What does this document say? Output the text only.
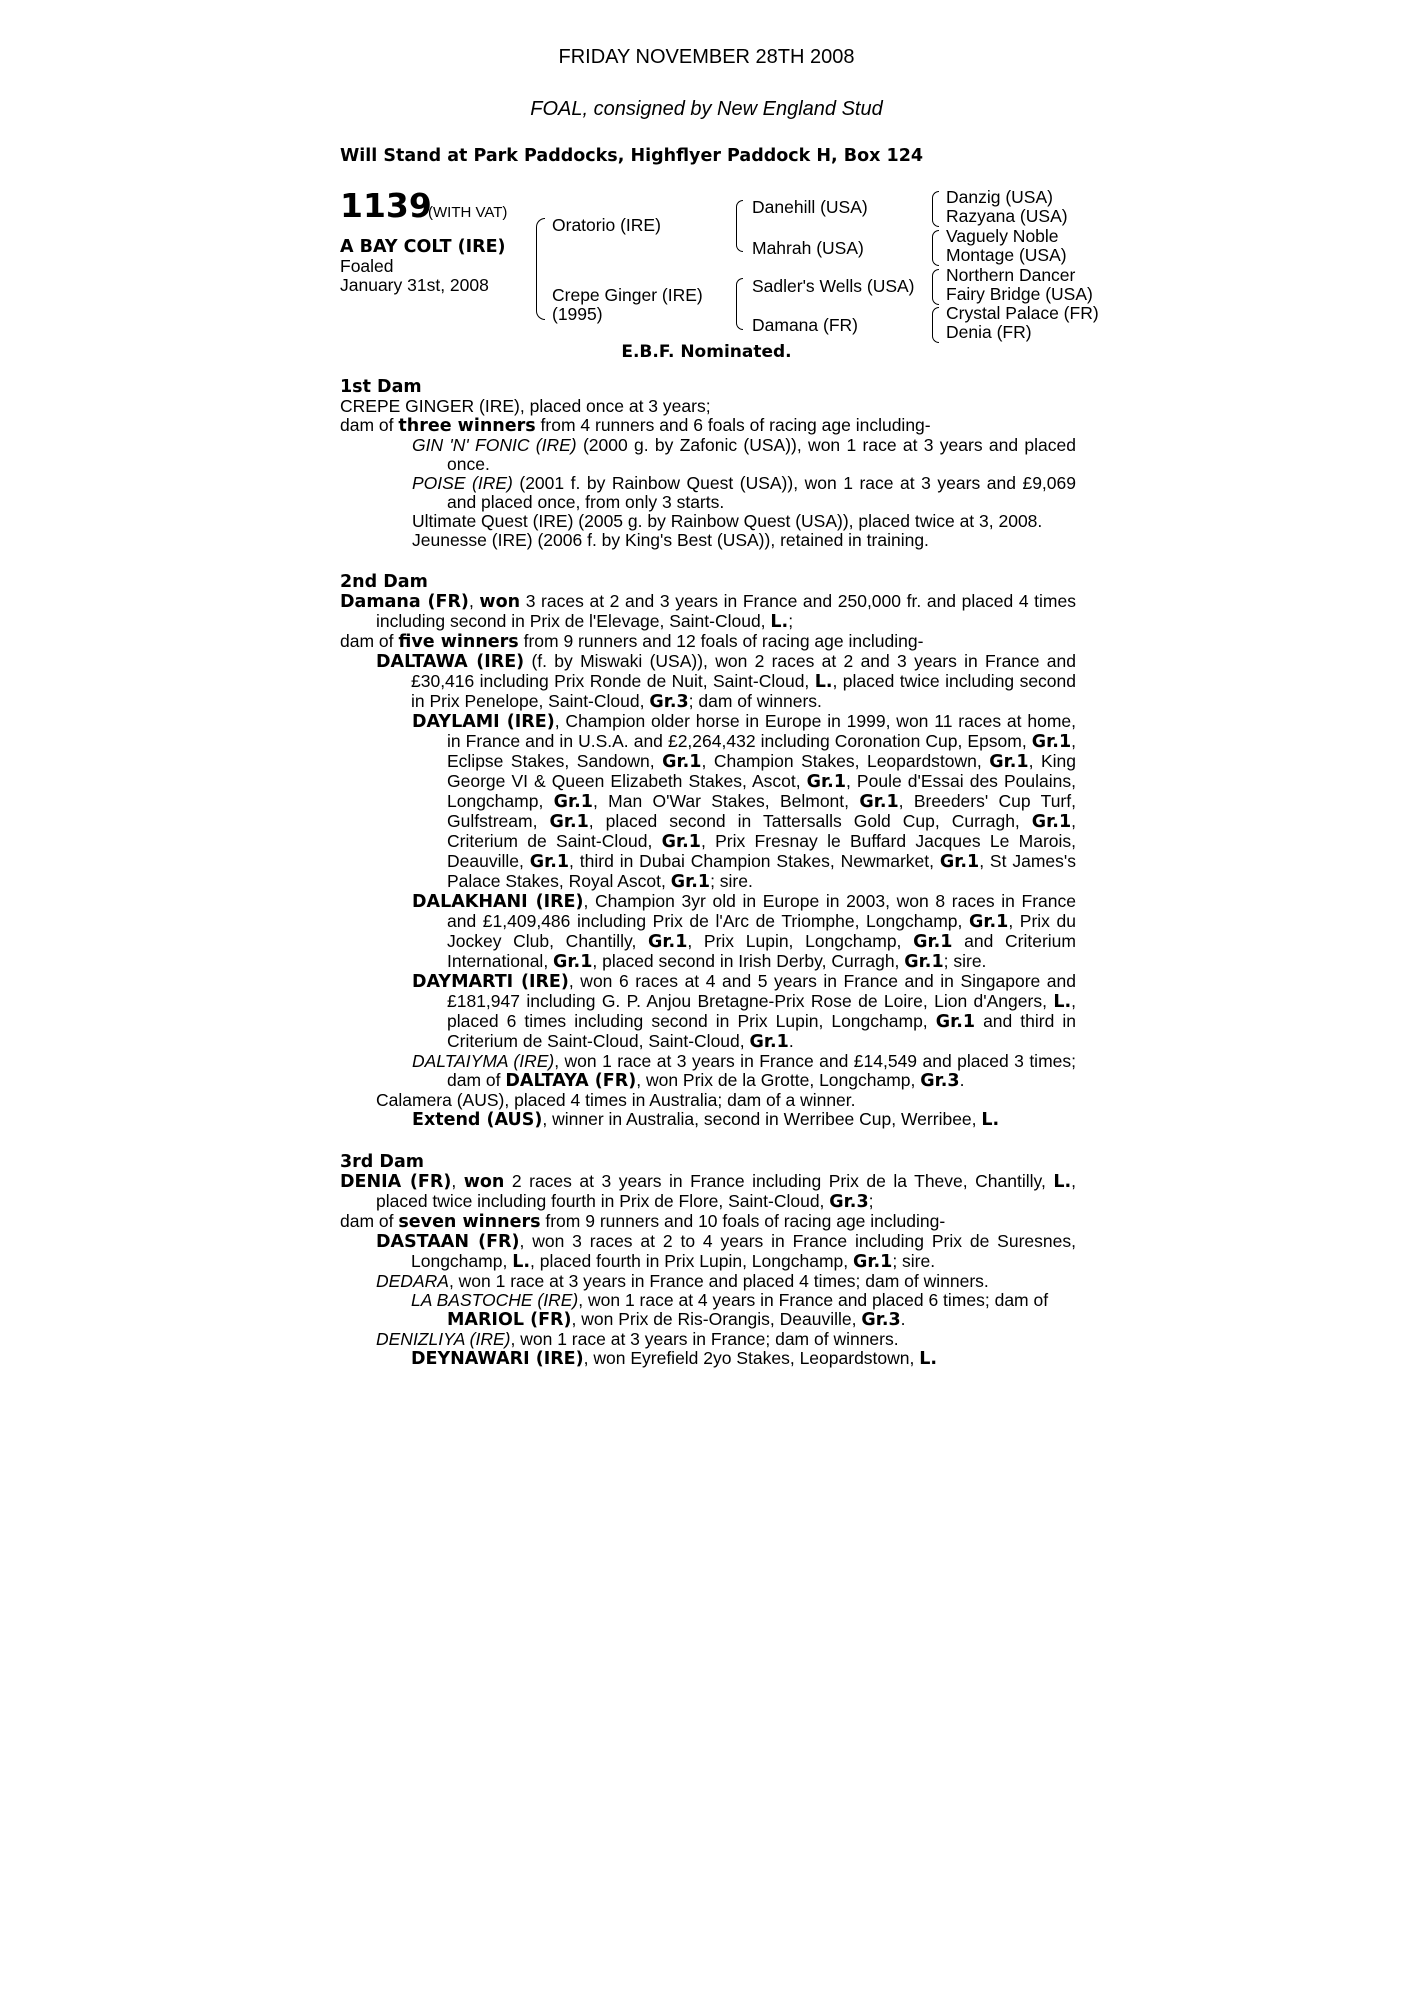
FRIDAY NOVEMBER 28TH 2008
FOAL, consigned by New England Stud
Will Stand at Park Paddocks, Highflyer Paddock H, Box 124
1139
(WITH VAT)
A BAY COLT (IRE)
Foaled
January 31st, 2008
Oratorio (IRE)
Crepe Ginger (IRE)
(1995)
Danehill (USA)
Mahrah (USA)
Sadler's Wells (USA)
Damana (FR)
Danzig (USA)
Razyana (USA)
Vaguely Noble
Montage (USA)
Northern Dancer
Fairy Bridge (USA)
Crystal Palace (FR)
Denia (FR)
E.B.F. Nominated.
1st Dam
CREPE GINGER (IRE), placed once at 3 years;
dam of three winners from 4 runners and 6 foals of racing age including-
GIN 'N' FONIC (IRE) (2000 g. by Zafonic (USA)), won 1 race at 3 years and placed once.
POISE (IRE) (2001 f. by Rainbow Quest (USA)), won 1 race at 3 years and £9,069 and placed once, from only 3 starts.
Ultimate Quest (IRE) (2005 g. by Rainbow Quest (USA)), placed twice at 3, 2008.
Jeunesse (IRE) (2006 f. by King's Best (USA)), retained in training.
2nd Dam
Damana (FR), won 3 races at 2 and 3 years in France and 250,000 fr. and placed 4 times including second in Prix de l'Elevage, Saint-Cloud, L.;
dam of five winners from 9 runners and 12 foals of racing age including-
DALTAWA (IRE) (f. by Miswaki (USA)), won 2 races at 2 and 3 years in France and £30,416 including Prix Ronde de Nuit, Saint-Cloud, L., placed twice including second in Prix Penelope, Saint-Cloud, Gr.3; dam of winners.
DAYLAMI (IRE), Champion older horse in Europe in 1999, won 11 races at home, in France and in U.S.A. and £2,264,432 including Coronation Cup, Epsom, Gr.1, Eclipse Stakes, Sandown, Gr.1, Champion Stakes, Leopardstown, Gr.1, King George VI & Queen Elizabeth Stakes, Ascot, Gr.1, Poule d'Essai des Poulains, Longchamp, Gr.1, Man O'War Stakes, Belmont, Gr.1, Breeders' Cup Turf, Gulfstream, Gr.1, placed second in Tattersalls Gold Cup, Curragh, Gr.1, Criterium de Saint-Cloud, Gr.1, Prix Fresnay le Buffard Jacques Le Marois, Deauville, Gr.1, third in Dubai Champion Stakes, Newmarket, Gr.1, St James's Palace Stakes, Royal Ascot, Gr.1; sire.
DALAKHANI (IRE), Champion 3yr old in Europe in 2003, won 8 races in France and £1,409,486 including Prix de l'Arc de Triomphe, Longchamp, Gr.1, Prix du Jockey Club, Chantilly, Gr.1, Prix Lupin, Longchamp, Gr.1 and Criterium International, Gr.1, placed second in Irish Derby, Curragh, Gr.1; sire.
DAYMARTI (IRE), won 6 races at 4 and 5 years in France and in Singapore and £181,947 including G. P. Anjou Bretagne-Prix Rose de Loire, Lion d'Angers, L., placed 6 times including second in Prix Lupin, Longchamp, Gr.1 and third in Criterium de Saint-Cloud, Saint-Cloud, Gr.1.
DALTAIYMA (IRE), won 1 race at 3 years in France and £14,549 and placed 3 times; dam of DALTAYA (FR), won Prix de la Grotte, Longchamp, Gr.3.
Calamera (AUS), placed 4 times in Australia; dam of a winner.
Extend (AUS), winner in Australia, second in Werribee Cup, Werribee, L.
3rd Dam
DENIA (FR), won 2 races at 3 years in France including Prix de la Theve, Chantilly, L., placed twice including fourth in Prix de Flore, Saint-Cloud, Gr.3;
dam of seven winners from 9 runners and 10 foals of racing age including-
DASTAAN (FR), won 3 races at 2 to 4 years in France including Prix de Suresnes, Longchamp, L., placed fourth in Prix Lupin, Longchamp, Gr.1; sire.
DEDARA, won 1 race at 3 years in France and placed 4 times; dam of winners.
LA BASTOCHE (IRE), won 1 race at 4 years in France and placed 6 times; dam of
MARIOL (FR), won Prix de Ris-Orangis, Deauville, Gr.3.
DENIZLIYA (IRE), won 1 race at 3 years in France; dam of winners.
DEYNAWARI (IRE), won Eyrefield 2yo Stakes, Leopardstown, L.
